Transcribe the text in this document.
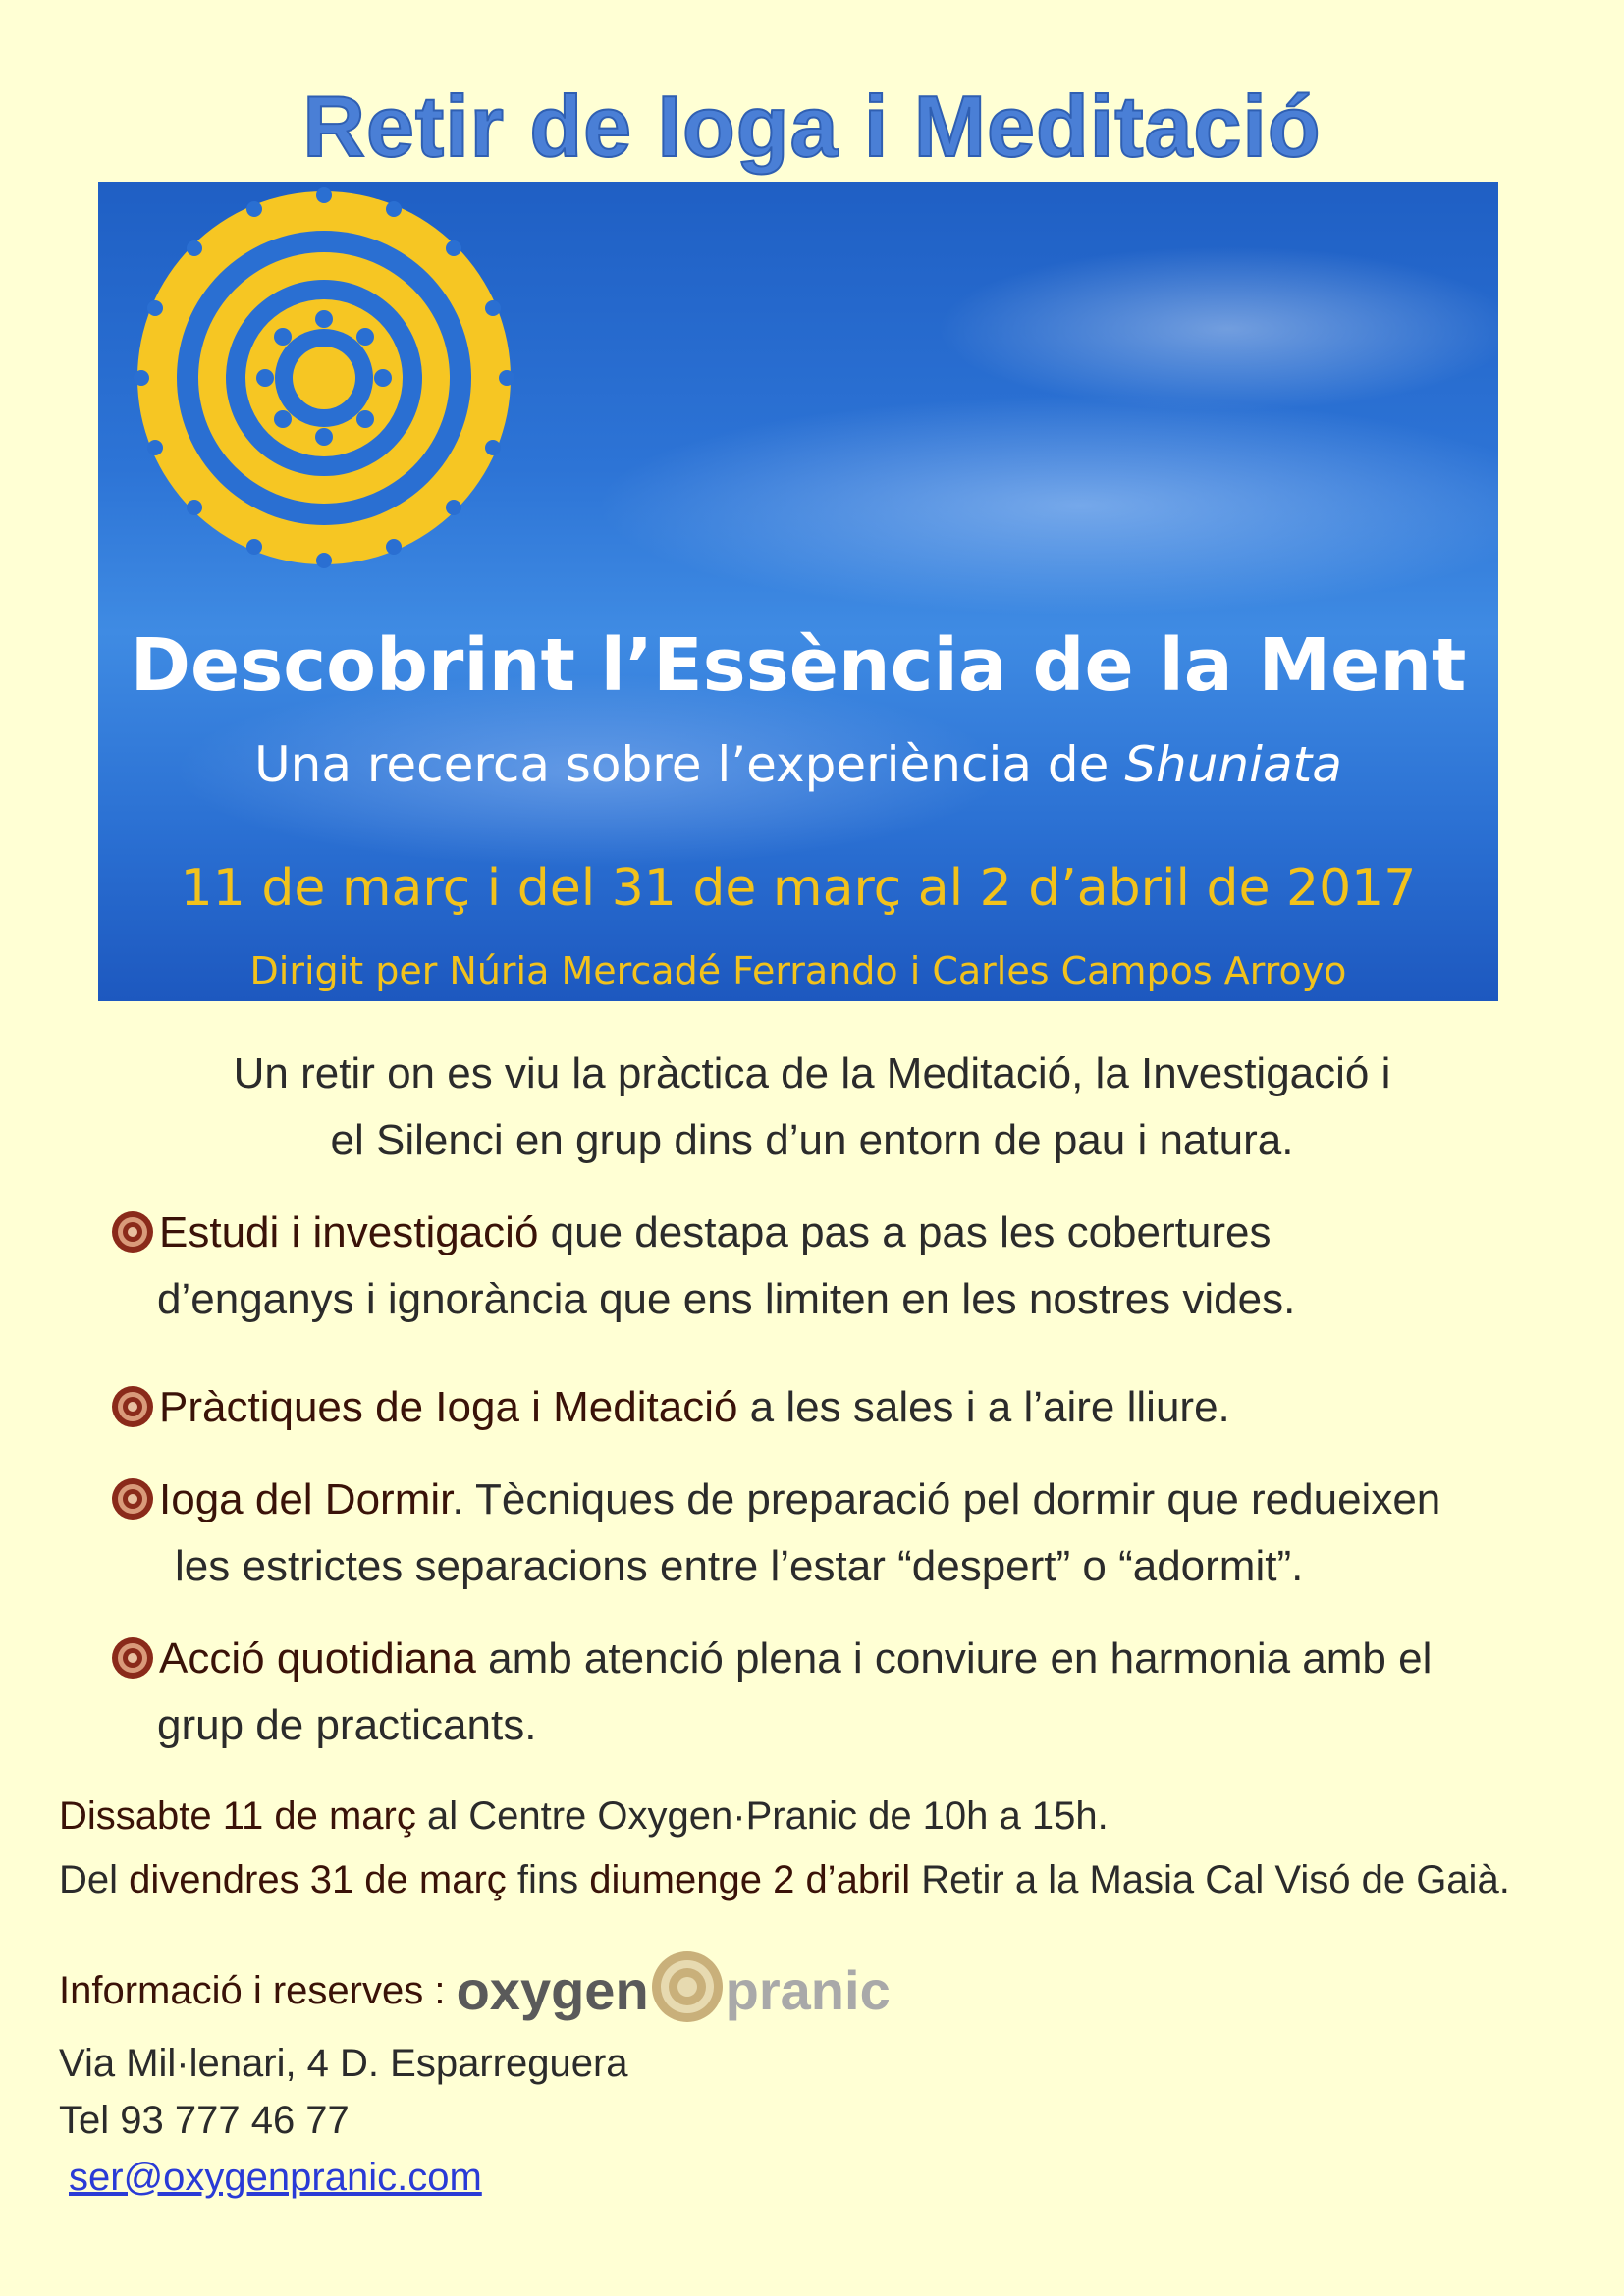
Retir de Ioga i Meditació
Descobrint l’Essència de la Ment
Una recerca sobre l’experiència de Shuniata
11 de març i del 31 de març al 2 d’abril de 2017
Dirigit per Núria Mercadé Ferrando i Carles Campos Arroyo
Un retir on es viu la pràctica de la Meditació, la Investigació i
el Silenci en grup dins d’un entorn de pau i natura.
Estudi i investigació que destapa pas a pas les cobertures
d’enganys i ignorància que ens limiten en les nostres vides.
Pràctiques de Ioga i Meditació a les sales i a l’aire lliure.
Ioga del Dormir. Tècniques de preparació pel dormir que redueixen
les estrictes separacions entre l’estar “despert” o “adormit”.
Acció quotidiana amb atenció plena i conviure en harmonia amb el
grup de practicants.
Dissabte 11 de març al Centre Oxygen·Pranic de 10h a 15h.
Del divendres 31 de març fins diumenge 2 d’abril Retir a la Masia Cal Visó de Gaià.
Informació i reserves : oxygen pranic
Via Mil·lenari, 4 D. Esparreguera
Tel 93 777 46 77
ser@oxygenpranic.com
